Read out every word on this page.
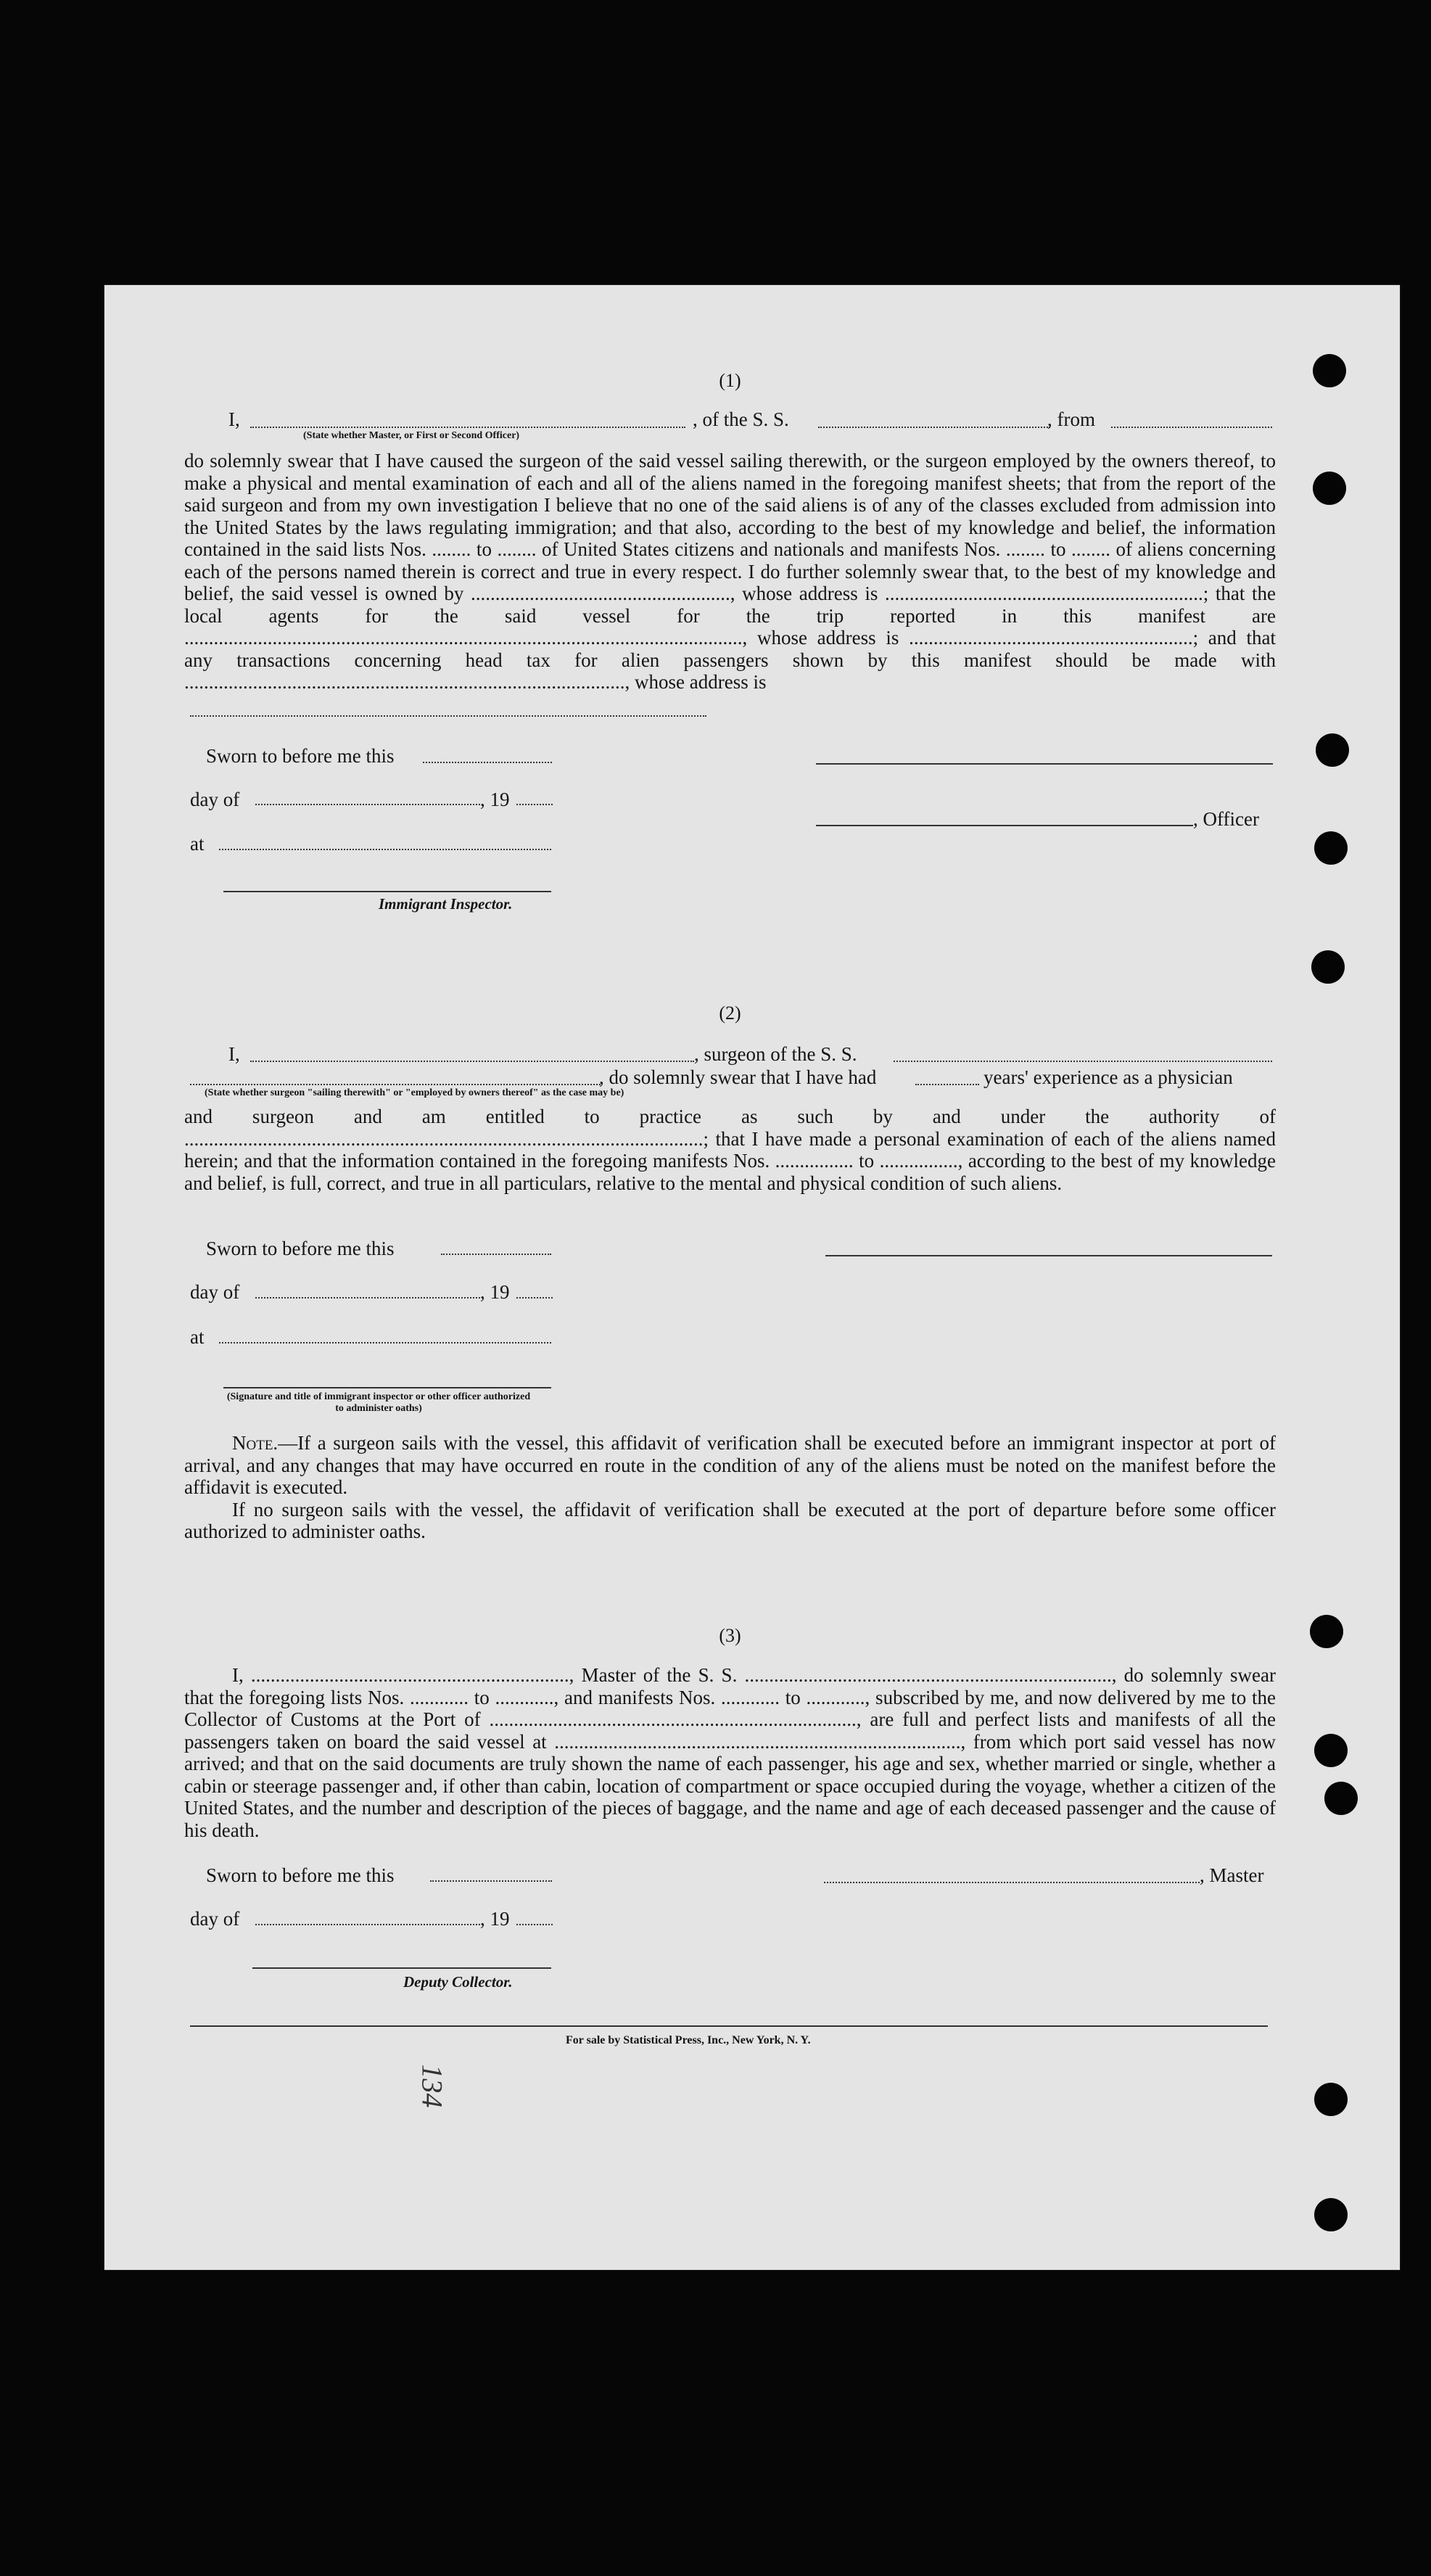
(1)
I,
(State whether Master, or First or Second Officer)
, of the S. S.	, from

do solemnly swear that I have caused the surgeon of the said vessel sailing therewith, or the surgeon employed by the owners thereof, to make a physical and mental examination of each and all of the aliens named in the foregoing manifest sheets; that from the report of the said surgeon and from my own investigation I believe that no one of the said aliens is of any of the classes excluded from admission into the United States by the laws regulating immigration; and that also, according to the best of my knowledge and belief, the information contained in the said lists Nos. ........ to ........ of United States citizens and nationals and manifests Nos. ........ to ........ of aliens concerning each of the persons named therein is correct and true in every respect. I do further solemnly swear that, to the best of my knowledge and belief, the said vessel is owned by ....................................................., whose address is .................................................................; that the local agents for the said vessel for the trip reported in this manifest are .................................................................................................................., whose address is ..........................................................; and that any transactions concerning head tax for alien passengers shown by this manifest should be made with .........................................................................................., whose address is

Sworn to before me this
day of	, 19
, Officer
at
Immigrant Inspector.
(2)
I,	, surgeon of the S. S.
, do solemnly swear that I have had	years' experience as a physician
(State whether surgeon "sailing therewith" or "employed by owners thereof" as the case may be)

and surgeon and am entitled to practice as such by and under the authority of ..........................................................................................................; that I have made a personal examination of each of the aliens named herein; and that the information contained in the foregoing manifests Nos. ................ to ................, according to the best of my knowledge and belief, is full, correct, and true in all particulars, relative to the mental and physical condition of such aliens.

Sworn to before me this
day of	, 19
at
(Signature and title of immigrant inspector or other officer authorized to administer oaths)

Note.—If a surgeon sails with the vessel, this affidavit of verification shall be executed before an immigrant inspector at port of arrival, and any changes that may have occurred en route in the condition of any of the aliens must be noted on the manifest before the affidavit is executed.

If no surgeon sails with the vessel, the affidavit of verification shall be executed at the port of departure before some officer authorized to administer oaths.

(3)

I, ................................................................., Master of the S. S. ..........................................................................., do solemnly swear that the foregoing lists Nos. ............ to ............, and manifests Nos. ............ to ............, subscribed by me, and now delivered by me to the Collector of Customs at the Port of ..........................................................................., are full and perfect lists and manifests of all the passengers taken on board the said vessel at ..................................................................................., from which port said vessel has now arrived; and that on the said documents are truly shown the name of each passenger, his age and sex, whether married or single, whether a cabin or steerage passenger and, if other than cabin, location of compartment or space occupied during the voyage, whether a citizen of the United States, and the number and description of the pieces of baggage, and the name and age of each deceased passenger and the cause of his death.

Sworn to before me this	, Master
day of	, 19
Deputy Collector.
For sale by Statistical Press, Inc., New York, N. Y.
134
